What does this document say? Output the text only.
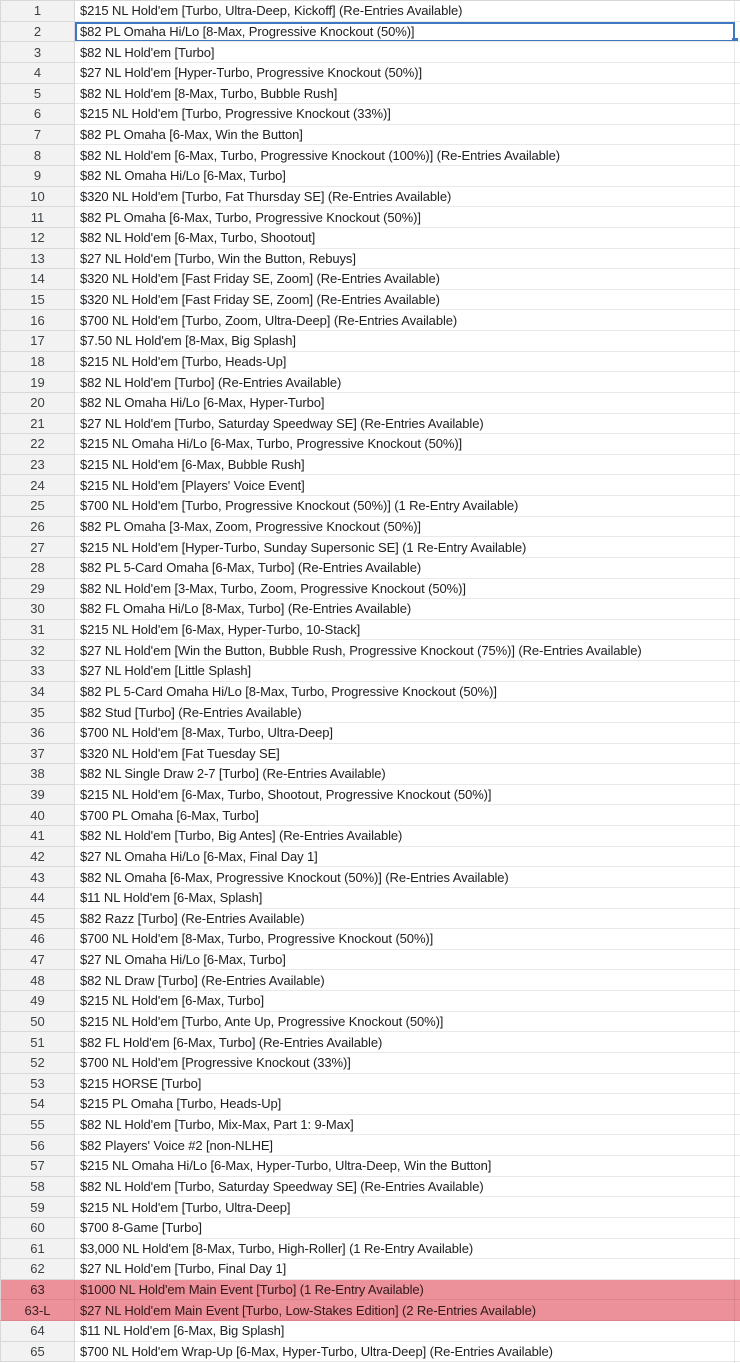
1	$215 NL Hold'em [Turbo, Ultra-Deep, Kickoff] (Re-Entries Available)
2	$82 PL Omaha Hi/Lo [8-Max, Progressive Knockout (50%)]
3	$82 NL Hold'em [Turbo]
4	$27 NL Hold'em [Hyper-Turbo, Progressive Knockout (50%)]
5	$82 NL Hold'em [8-Max, Turbo, Bubble Rush]
6	$215 NL Hold'em [Turbo, Progressive Knockout (33%)]
7	$82 PL Omaha [6-Max, Win the Button]
8	$82 NL Hold'em [6-Max, Turbo, Progressive Knockout (100%)] (Re-Entries Available)
9	$82 NL Omaha Hi/Lo [6-Max, Turbo]
10	$320 NL Hold'em [Turbo, Fat Thursday SE] (Re-Entries Available)
11	$82 PL Omaha [6-Max, Turbo, Progressive Knockout (50%)]
12	$82 NL Hold'em [6-Max, Turbo, Shootout]
13	$27 NL Hold'em [Turbo, Win the Button, Rebuys]
14	$320 NL Hold'em [Fast Friday SE, Zoom] (Re-Entries Available)
15	$320 NL Hold'em [Fast Friday SE, Zoom] (Re-Entries Available)
16	$700 NL Hold'em [Turbo, Zoom, Ultra-Deep] (Re-Entries Available)
17	$7.50 NL Hold'em [8-Max, Big Splash]
18	$215 NL Hold'em [Turbo, Heads-Up]
19	$82 NL Hold'em [Turbo] (Re-Entries Available)
20	$82 NL Omaha Hi/Lo [6-Max, Hyper-Turbo]
21	$27 NL Hold'em [Turbo, Saturday Speedway SE] (Re-Entries Available)
22	$215 NL Omaha Hi/Lo [6-Max, Turbo, Progressive Knockout (50%)]
23	$215 NL Hold'em [6-Max, Bubble Rush]
24	$215 NL Hold'em [Players' Voice Event]
25	$700 NL Hold'em [Turbo, Progressive Knockout (50%)] (1 Re-Entry Available)
26	$82 PL Omaha [3-Max, Zoom, Progressive Knockout (50%)]
27	$215 NL Hold'em [Hyper-Turbo, Sunday Supersonic SE] (1 Re-Entry Available)
28	$82 PL 5-Card Omaha [6-Max, Turbo] (Re-Entries Available)
29	$82 NL Hold'em [3-Max, Turbo, Zoom, Progressive Knockout (50%)]
30	$82 FL Omaha Hi/Lo [8-Max, Turbo] (Re-Entries Available)
31	$215 NL Hold'em [6-Max, Hyper-Turbo, 10-Stack]
32	$27 NL Hold'em [Win the Button, Bubble Rush, Progressive Knockout (75%)] (Re-Entries Available)
33	$27 NL Hold'em [Little Splash]
34	$82 PL 5-Card Omaha Hi/Lo [8-Max, Turbo, Progressive Knockout (50%)]
35	$82 Stud [Turbo] (Re-Entries Available)
36	$700 NL Hold'em [8-Max, Turbo, Ultra-Deep]
37	$320 NL Hold'em [Fat Tuesday SE]
38	$82 NL Single Draw 2-7 [Turbo] (Re-Entries Available)
39	$215 NL Hold'em [6-Max, Turbo, Shootout, Progressive Knockout (50%)]
40	$700 PL Omaha [6-Max, Turbo]
41	$82 NL Hold'em [Turbo, Big Antes] (Re-Entries Available)
42	$27 NL Omaha Hi/Lo [6-Max, Final Day 1]
43	$82 NL Omaha [6-Max, Progressive Knockout (50%)] (Re-Entries Available)
44	$11 NL Hold'em [6-Max, Splash]
45	$82 Razz [Turbo] (Re-Entries Available)
46	$700 NL Hold'em [8-Max, Turbo, Progressive Knockout (50%)]
47	$27 NL Omaha Hi/Lo [6-Max, Turbo]
48	$82 NL Draw [Turbo] (Re-Entries Available)
49	$215 NL Hold'em [6-Max, Turbo]
50	$215 NL Hold'em [Turbo, Ante Up, Progressive Knockout (50%)]
51	$82 FL Hold'em [6-Max, Turbo] (Re-Entries Available)
52	$700 NL Hold'em [Progressive Knockout (33%)]
53	$215 HORSE [Turbo]
54	$215 PL Omaha [Turbo, Heads-Up]
55	$82 NL Hold'em [Turbo, Mix-Max, Part 1: 9-Max]
56	$82 Players' Voice #2 [non-NLHE]
57	$215 NL Omaha Hi/Lo [6-Max, Hyper-Turbo, Ultra-Deep, Win the Button]
58	$82 NL Hold'em [Turbo, Saturday Speedway SE] (Re-Entries Available)
59	$215 NL Hold'em [Turbo, Ultra-Deep]
60	$700 8-Game [Turbo]
61	$3,000 NL Hold'em [8-Max, Turbo, High-Roller] (1 Re-Entry Available)
62	$27 NL Hold'em [Turbo, Final Day 1]
63	$1000 NL Hold'em Main Event [Turbo] (1 Re-Entry Available)
63-L	$27 NL Hold'em Main Event [Turbo, Low-Stakes Edition] (2 Re-Entries Available)
64	$11 NL Hold'em [6-Max, Big Splash]
65	$700 NL Hold'em Wrap-Up [6-Max, Hyper-Turbo, Ultra-Deep] (Re-Entries Available)
